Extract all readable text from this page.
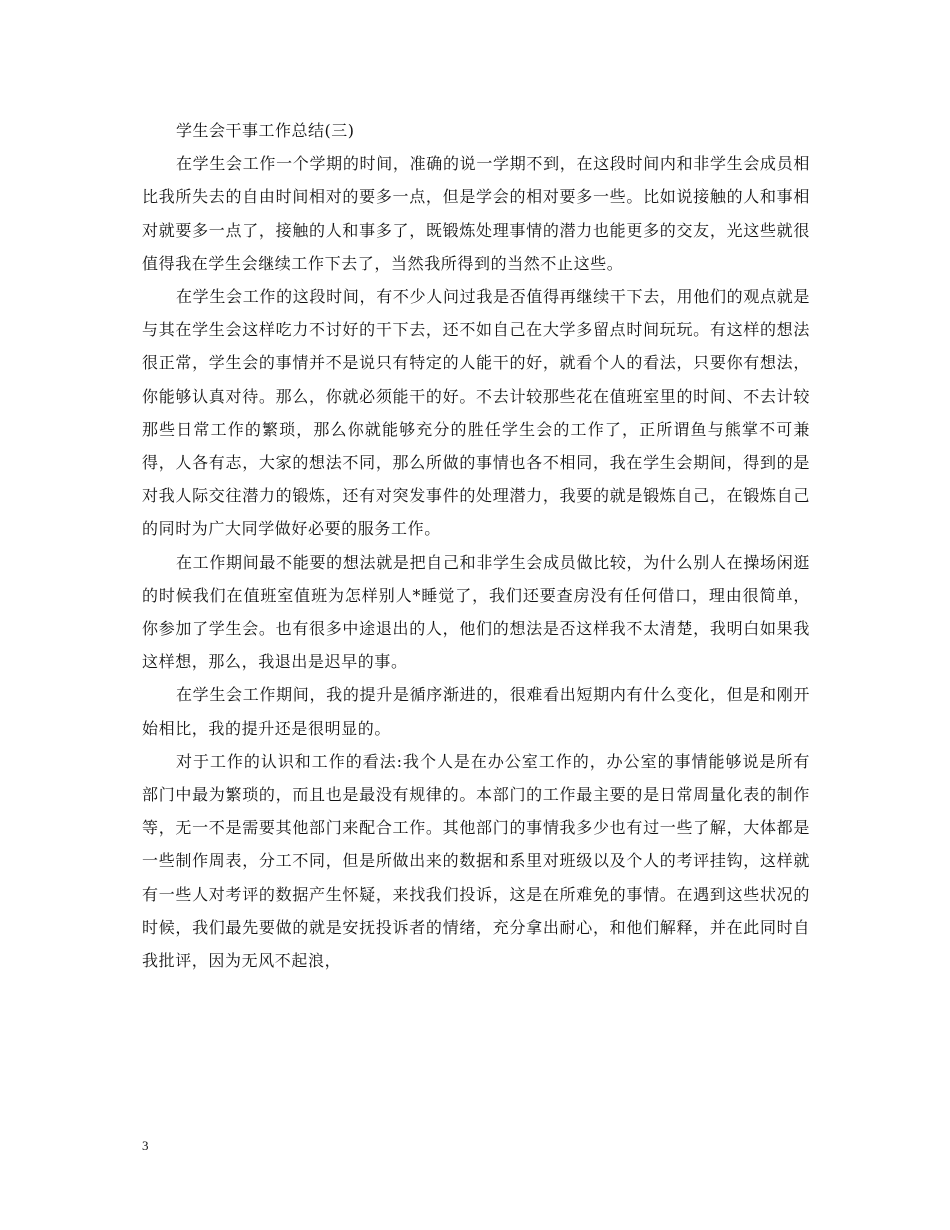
学生会干事工作总结(三)

在学生会工作一个学期的时间，准确的说一学期不到，在这段时间内和非学生会成员相比我所失去的自由时间相对的要多一点，但是学会的相对要多一些。比如说接触的人和事相对就要多一点了，接触的人和事多了，既锻炼处理事情的潜力也能更多的交友，光这些就很值得我在学生会继续工作下去了，当然我所得到的当然不止这些。

在学生会工作的这段时间，有不少人问过我是否值得再继续干下去，用他们的观点就是与其在学生会这样吃力不讨好的干下去，还不如自己在大学多留点时间玩玩。有这样的想法很正常，学生会的事情并不是说只有特定的人能干的好，就看个人的看法，只要你有想法，你能够认真对待。那么，你就必须能干的好。不去计较那些花在值班室里的时间、不去计较那些日常工作的繁琐，那么你就能够充分的胜任学生会的工作了，正所谓鱼与熊掌不可兼得，人各有志，大家的想法不同，那么所做的事情也各不相同，我在学生会期间，得到的是对我人际交往潜力的锻炼，还有对突发事件的处理潜力，我要的就是锻炼自己，在锻炼自己的同时为广大同学做好必要的服务工作。

在工作期间最不能要的想法就是把自己和非学生会成员做比较，为什么别人在操场闲逛的时候我们在值班室值班为怎样别人*睡觉了，我们还要查房没有任何借口，理由很简单，你参加了学生会。也有很多中途退出的人，他们的想法是否这样我不太清楚，我明白如果我这样想，那么，我退出是迟早的事。

在学生会工作期间，我的提升是循序渐进的，很难看出短期内有什么变化，但是和刚开始相比，我的提升还是很明显的。

对于工作的认识和工作的看法:我个人是在办公室工作的，办公室的事情能够说是所有部门中最为繁琐的，而且也是最没有规律的。本部门的工作最主要的是日常周量化表的制作等，无一不是需要其他部门来配合工作。其他部门的事情我多少也有过一些了解，大体都是一些制作周表，分工不同，但是所做出来的数据和系里对班级以及个人的考评挂钩，这样就有一些人对考评的数据产生怀疑，来找我们投诉，这是在所难免的事情。在遇到这些状况的时候，我们最先要做的就是安抚投诉者的情绪，充分拿出耐心，和他们解释，并在此同时自我批评，因为无风不起浪，

3
